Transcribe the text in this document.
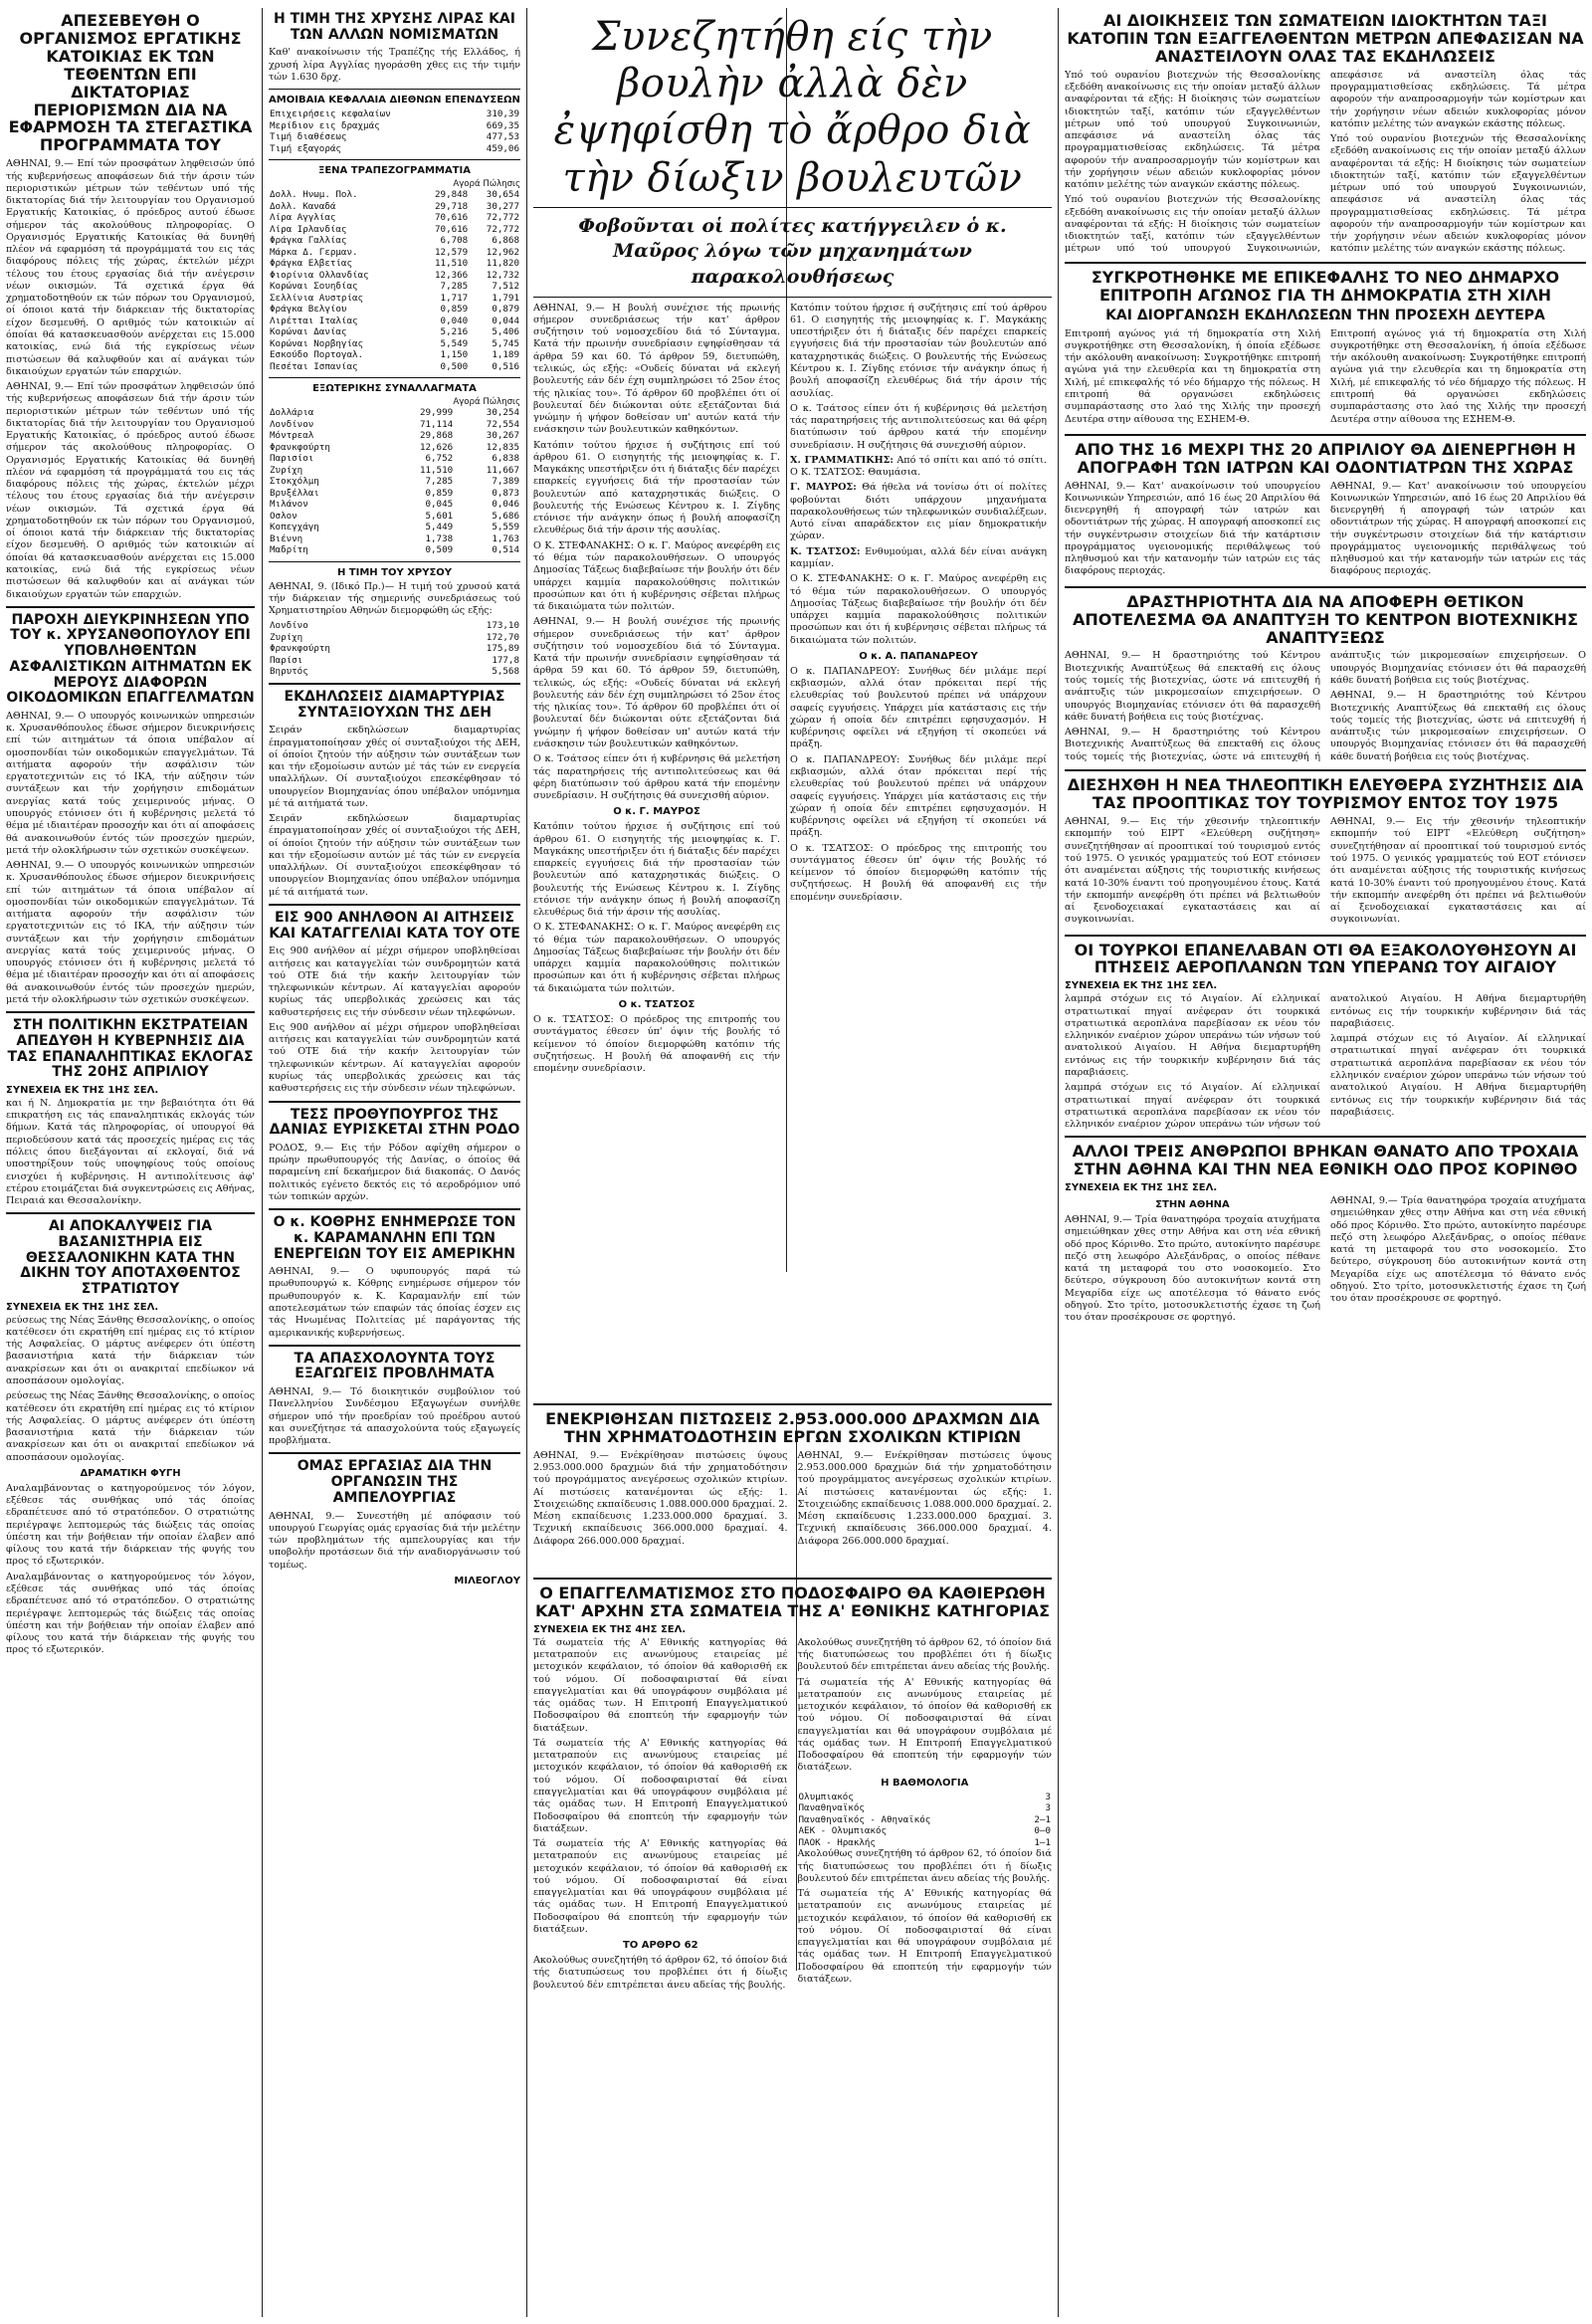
ΑΠΕΣΕΒΕΥΘΗ Ο ΟΡΓΑΝΙΣΜΟΣ ΕΡΓΑΤΙΚΗΣ ΚΑΤΟΙΚΙΑΣ ΕΚ ΤΩΝ ΤΕΘΕΝΤΩΝ ΕΠΙ ΔΙΚΤΑΤΟΡΙΑΣ ΠΕΡΙΟΡΙΣΜΩΝ ΔΙΑ ΝΑ ΕΦΑΡΜΟΣΗ ΤΑ ΣΤΕΓΑΣΤΙΚΑ ΠΡΟΓΡΑΜΜΑΤΑ ΤΟΥ

ΑΘΗΝΑΙ, 9.— Επί τών προσφάτων ληφθεισών ύπό τής κυβερνήσεως αποφάσεων διά τήν άρσιν τών περιοριστικών μέτρων τών τεθέντων υπό τής δικτατορίας διά τήν λειτουργίαν του Οργανισμού Εργατικής Κατοικίας, ό πρόεδρος αυτού έδωσε σήμερον τάς ακολούθους πληροφορίας. Ο Οργανισμός Εργατικής Κατοικίας θά δυνηθή πλέον νά εφαρμόση τά προγράμματά του εις τάς διαφόρους πόλεις τής χώρας, έκτελών μέχρι τέλους του έτους εργασίας διά τήν ανέγερσιν νέων οικισμών. Τά σχετικά έργα θά χρηματοδοτηθούν εκ τών πόρων του Οργανισμού, οί όποιοι κατά τήν διάρκειαν τής δικτατορίας είχον δεσμευθή. Ο αριθμός τών κατοικιών αί όποίαι θά κατασκευασθούν ανέρχεται εις 15.000 κατοικίας, ενώ διά τής εγκρίσεως νέων πιστώσεων θά καλυφθούν και αί ανάγκαι τών δικαιούχων εργατών τών επαρχιών.

ΑΘΗΝΑΙ, 9.— Επί τών προσφάτων ληφθεισών ύπό τής κυβερνήσεως αποφάσεων διά τήν άρσιν τών περιοριστικών μέτρων τών τεθέντων υπό τής δικτατορίας διά τήν λειτουργίαν του Οργανισμού Εργατικής Κατοικίας, ό πρόεδρος αυτού έδωσε σήμερον τάς ακολούθους πληροφορίας. Ο Οργανισμός Εργατικής Κατοικίας θά δυνηθή πλέον νά εφαρμόση τά προγράμματά του εις τάς διαφόρους πόλεις τής χώρας, έκτελών μέχρι τέλους του έτους εργασίας διά τήν ανέγερσιν νέων οικισμών. Τά σχετικά έργα θά χρηματοδοτηθούν εκ τών πόρων του Οργανισμού, οί όποιοι κατά τήν διάρκειαν τής δικτατορίας είχον δεσμευθή. Ο αριθμός τών κατοικιών αί όποίαι θά κατασκευασθούν ανέρχεται εις 15.000 κατοικίας, ενώ διά τής εγκρίσεως νέων πιστώσεων θά καλυφθούν και αί ανάγκαι τών δικαιούχων εργατών τών επαρχιών.

ΠΑΡΟΧΗ ΔΙΕΥΚΡΙΝΗΣΕΩΝ ΥΠΟ ΤΟΥ κ. ΧΡΥΣΑΝΘΟΠΟΥΛΟΥ ΕΠΙ ΥΠΟΒΛΗΘΕΝΤΩΝ ΑΣΦΑΛΙΣΤΙΚΩΝ ΑΙΤΗΜΑΤΩΝ ΕΚ ΜΕΡΟΥΣ ΔΙΑΦΟΡΩΝ ΟΙΚΟΔΟΜΙΚΩΝ ΕΠΑΓΓΕΛΜΑΤΩΝ

ΑΘΗΝΑΙ, 9.— Ο υπουργός κοινωνικών υπηρεσιών κ. Χρυσανθόπουλος έδωσε σήμερον διευκρινήσεις επί τών αιτημάτων τά όποια υπέβαλον αί ομοσπονδίαι τών οικοδομικών επαγγελμάτων. Τά αιτήματα αφορούν τήν ασφάλισιν τών εργατοτεχνιτών εις τό ΙΚΑ, τήν αύξησιν τών συντάξεων και τήν χορήγησιν επιδομάτων ανεργίας κατά τούς χειμερινούς μήνας. Ο υπουργός ετόνισεν ότι ή κυβέρνησις μελετά τό θέμα μέ ιδιαιτέραν προσοχήν και ότι αί αποφάσεις θά ανακοινωθούν έντός τών προσεχών ημερών, μετά τήν ολοκλήρωσιν τών σχετικών συσκέψεων.

ΑΘΗΝΑΙ, 9.— Ο υπουργός κοινωνικών υπηρεσιών κ. Χρυσανθόπουλος έδωσε σήμερον διευκρινήσεις επί τών αιτημάτων τά όποια υπέβαλον αί ομοσπονδίαι τών οικοδομικών επαγγελμάτων. Τά αιτήματα αφορούν τήν ασφάλισιν τών εργατοτεχνιτών εις τό ΙΚΑ, τήν αύξησιν τών συντάξεων και τήν χορήγησιν επιδομάτων ανεργίας κατά τούς χειμερινούς μήνας. Ο υπουργός ετόνισεν ότι ή κυβέρνησις μελετά τό θέμα μέ ιδιαιτέραν προσοχήν και ότι αί αποφάσεις θά ανακοινωθούν έντός τών προσεχών ημερών, μετά τήν ολοκλήρωσιν τών σχετικών συσκέψεων.

ΣΤΗ ΠΟΛΙΤΙΚΗΝ ΕΚΣΤΡΑΤΕΙΑΝ ΑΠΕΔΥΘΗ Η ΚΥΒΕΡΝΗΣΙΣ ΔΙΑ ΤΑΣ ΕΠΑΝΑΛΗΠΤΙΚΑΣ ΕΚΛΟΓΑΣ ΤΗΣ 20ΗΣ ΑΠΡΙΛΙΟΥ
ΣΥΝΕΧΕΙΑ ΕΚ ΤΗΣ 1ΗΣ ΣΕΛ.

και ή Ν. Δημοκρατία με την βεβαιότητα ότι θά επικρατήση εις τάς επαναληπτικάς εκλογάς τών δήμων. Κατά τάς πληροφορίας, οί υπουργοί θά περιοδεύσουν κατά τάς προσεχείς ημέρας εις τάς πόλεις όπου διεξάγονται αί εκλογαί, διά νά υποστηρίξουν τούς υποψηφίους τούς οποίους ενισχύει ή κυβέρνησις. Η αντιπολίτευσις άφ' ετέρου ετοιμάζεται διά συγκεντρώσεις εις Αθήνας, Πειραιά και Θεσσαλονίκην.

ΑΙ ΑΠΟΚΑΛΥΨΕΙΣ ΓΙΑ ΒΑΣΑΝΙΣΤΗΡΙΑ ΕΙΣ ΘΕΣΣΑΛΟΝΙΚΗΝ ΚΑΤΑ ΤΗΝ ΔΙΚΗΝ ΤΟΥ ΑΠΟΤΑΧΘΕΝΤΟΣ ΣΤΡΑΤΙΩΤΟΥ
ΣΥΝΕΧΕΙΑ ΕΚ ΤΗΣ 1ΗΣ ΣΕΛ.

ρεύσεως της Νέας Ξάνθης Θεσσαλονίκης, ο οποίος κατέθεσεν ότι εκρατήθη επί ημέρας εις τό κτίριον τής Ασφαλείας. Ο μάρτυς ανέφερεν ότι ύπέστη βασανιστήρια κατά τήν διάρκειαν τών ανακρίσεων και ότι οι ανακριταί επεδίωκον νά αποσπάσουν ομολογίας.

ρεύσεως της Νέας Ξάνθης Θεσσαλονίκης, ο οποίος κατέθεσεν ότι εκρατήθη επί ημέρας εις τό κτίριον τής Ασφαλείας. Ο μάρτυς ανέφερεν ότι ύπέστη βασανιστήρια κατά τήν διάρκειαν τών ανακρίσεων και ότι οι ανακριταί επεδίωκον νά αποσπάσουν ομολογίας.

ΔΡΑΜΑΤΙΚΗ ΦΥΓΗ

Αναλαμβάνοντας ο κατηγορούμενος τόν λόγον, εξέθεσε τάς συνθήκας υπό τάς όποίας εδραπέτευσε από τό στρατόπεδον. Ο στρατιώτης περιέγραψε λεπτομερώς τάς διώξεις τάς οποίας ύπέστη και τήν βοήθειαν τήν οποίαν έλαβεν από φίλους του κατά τήν διάρκειαν τής φυγής του προς τό εξωτερικόν.

Αναλαμβάνοντας ο κατηγορούμενος τόν λόγον, εξέθεσε τάς συνθήκας υπό τάς όποίας εδραπέτευσε από τό στρατόπεδον. Ο στρατιώτης περιέγραψε λεπτομερώς τάς διώξεις τάς οποίας ύπέστη και τήν βοήθειαν τήν οποίαν έλαβεν από φίλους του κατά τήν διάρκειαν τής φυγής του προς τό εξωτερικόν.

Η ΤΙΜΗ ΤΗΣ ΧΡΥΣΗΣ ΛΙΡΑΣ ΚΑΙ ΤΩΝ ΑΛΛΩΝ ΝΟΜΙΣΜΑΤΩΝ

Καθ' ανακοίνωσιν τής Τραπέζης τής Ελλάδος, ή χρυσή λίρα Αγγλίας ηγοράσθη χθες εις τήν τιμήν τών 1.630 δρχ.

ΑΜΟΙΒΑΙΑ ΚΕΦΑΛΑΙΑ ΔΙΕΘΝΩΝ ΕΠΕΝΔΥΣΕΩΝ
Επιχειρήσεις κεφαλαίων	310,39
Μερίδιον εις δραχμάς	669,35
Τιμή διαθέσεως	477,53
Τιμή εξαγοράς	459,06
ΞΕΝΑ ΤΡΑΠΕΖΟΓΡΑΜΜΑΤΙΑ
Αγορά Πώλησις
Δολλ. Ηνωμ. Πολ.	29,848	30,654
Δολλ. Καναδά	29,718	30,277
Λίρα Αγγλίας	70,616	72,772
Λίρα Ιρλανδίας	70,616	72,772
Φράγκα Γαλλίας	6,708	6,868
Μάρκα Δ. Γερμαν.	12,579	12,962
Φράγκα Ελβετίας	11,510	11,820
Φιορίνια Ολλανδίας	12,366	12,732
Κορώναι Σουηδίας	7,285	7,512
Σελλίνια Αυστρίας	1,717	1,791
Φράγκα Βελγίου	0,859	0,879
Λιρέτται Ιταλίας	0,040	0,044
Κορώναι Δανίας	5,216	5,406
Κορώναι Νορβηγίας	5,549	5,745
Εσκούδο Πορτογαλ.	1,150	1,189
Πεσέται Ισπανίας	0,500	0,516
ΕΞΩΤΕΡΙΚΗΣ ΣΥΝΑΛΛΑΓΜΑΤΑ
Αγορά Πώλησις
Δολλάρια	29,999	30,254
Λονδίνον	71,114	72,554
Μόντρεαλ	29,868	30,267
Φρανκφούρτη	12,626	12,835
Παρισίοι	6,752	6,838
Ζυρίχη	11,510	11,667
Στοκχόλμη	7,285	7,389
Βρυξέλλαι	0,859	0,873
Μιλάνον	0,045	0,046
Οσλον	5,601	5,686
Κοπεγχάγη	5,449	5,559
Βιέννη	1,738	1,763
Μαδρίτη	0,509	0,514
Η ΤΙΜΗ ΤΟΥ ΧΡΥΣΟΥ

ΑΘΗΝΑΙ, 9. (Ιδικό Πρ.)— Η τιμή τού χρυσού κατά τήν διάρκειαν τής σημερινής συνεδριάσεως τού Χρηματιστηρίου Αθηνών διεμορφώθη ώς εξής:

Λονδίνο	173,10
Ζυρίχη	172,70
Φρανκφούρτη	175,89
Παρίσι	177,8
Βηρυτός	5,568
ΕΚΔΗΛΩΣΕΙΣ ΔΙΑΜΑΡΤΥΡΙΑΣ ΣΥΝΤΑΞΙΟΥΧΩΝ ΤΗΣ ΔΕΗ

Σειράν εκδηλώσεων διαμαρτυρίας έπραγματοποίησαν χθές οί συνταξιούχοι τής ΔΕΗ, οί όποίοι ζητούν τήν αύξησιν τών συντάξεων των και τήν εξομοίωσιν αυτών μέ τάς τών εν ενεργεία υπαλλήλων. Οί συνταξιούχοι επεσκέφθησαν τό υπουργείον Βιομηχανίας όπου υπέβαλον υπόμνημα μέ τά αιτήματά των.

Σειράν εκδηλώσεων διαμαρτυρίας έπραγματοποίησαν χθές οί συνταξιούχοι τής ΔΕΗ, οί όποίοι ζητούν τήν αύξησιν τών συντάξεων των και τήν εξομοίωσιν αυτών μέ τάς τών εν ενεργεία υπαλλήλων. Οί συνταξιούχοι επεσκέφθησαν τό υπουργείον Βιομηχανίας όπου υπέβαλον υπόμνημα μέ τά αιτήματά των.

ΕΙΣ 900 ΑΝΗΛΘΟΝ ΑΙ ΑΙΤΗΣΕΙΣ ΚΑΙ ΚΑΤΑΓΓΕΛΙΑΙ ΚΑΤΑ ΤΟΥ ΟΤΕ

Εις 900 ανήλθον αί μέχρι σήμερον υποβληθείσαι αιτήσεις και καταγγελίαι τών συνδρομητών κατά τού ΟΤΕ διά τήν κακήν λειτουργίαν τών τηλεφωνικών κέντρων. Αί καταγγελίαι αφορούν κυρίως τάς υπερβολικάς χρεώσεις και τάς καθυστερήσεις εις τήν σύνδεσιν νέων τηλεφώνων.

Εις 900 ανήλθον αί μέχρι σήμερον υποβληθείσαι αιτήσεις και καταγγελίαι τών συνδρομητών κατά τού ΟΤΕ διά τήν κακήν λειτουργίαν τών τηλεφωνικών κέντρων. Αί καταγγελίαι αφορούν κυρίως τάς υπερβολικάς χρεώσεις και τάς καθυστερήσεις εις τήν σύνδεσιν νέων τηλεφώνων.

ΤΕΣΣ ΠΡΟΘΥΠΟΥΡΓΟΣ ΤΗΣ ΔΑΝΙΑΣ ΕΥΡΙΣΚΕΤΑΙ ΣΤΗΝ ΡΟΔΟ

ΡΟΔΟΣ, 9.— Εις τήν Ρόδον αφίχθη σήμερον ο πρώην πρωθυπουργός τής Δανίας, ο όποίος θά παραμείνη επί δεκαήμερον διά διακοπάς. Ο Δανός πολιτικός εγένετο δεκτός εις τό αεροδρόμιον υπό τών τοπικών αρχών.

Ο κ. ΚΟΘΡΗΣ ΕΝΗΜΕΡΩΣΕ ΤΟΝ κ. ΚΑΡΑΜΑΝΛΗΝ ΕΠΙ ΤΩΝ ΕΝΕΡΓΕΙΩΝ ΤΟΥ ΕΙΣ ΑΜΕΡΙΚΗΝ

ΑΘΗΝΑΙ, 9.— Ο υφυπουργός παρά τώ πρωθυπουργώ κ. Κόθρης ενημέρωσε σήμερον τόν πρωθυπουργόν κ. Κ. Καραμανλήν επί τών αποτελεσμάτων τών επαφών τάς όποίας έσχεν εις τάς Ηνωμένας Πολιτείας μέ παράγοντας τής αμερικανικής κυβερνήσεως.

ΤΑ ΑΠΑΣΧΟΛΟΥΝΤΑ ΤΟΥΣ ΕΞΑΓΩΓΕΙΣ ΠΡΟΒΛΗΜΑΤΑ

ΑΘΗΝΑΙ, 9.— Τό διοικητικόν συμβούλιον τού Πανελληνίου Συνδέσμου Εξαγωγέων συνήλθε σήμερον υπό τήν προεδρίαν τού προέδρου αυτού και συνεζήτησε τά απασχολούντα τούς εξαγωγείς προβλήματα.

ΟΜΑΣ ΕΡΓΑΣΙΑΣ ΔΙΑ ΤΗΝ ΟΡΓΑΝΩΣΙΝ ΤΗΣ ΑΜΠΕΛΟΥΡΓΙΑΣ

ΑΘΗΝΑΙ, 9.— Συνεστήθη μέ απόφασιν τού υπουργού Γεωργίας ομάς εργασίας διά τήν μελέτην τών προβλημάτων τής αμπελουργίας και τήν υποβολήν προτάσεων διά τήν αναδιοργάνωσιν τού τομέως.

ΜΙΛΕΟΓΛΟΥ
Συνεζητήθη είς τὴν βουλὴν ἀλλὰ δὲν ἐψηφίσθη τὸ ἄρθρο διὰ τὴν δίωξιν βουλευτῶν
Φοβοῦνται οἱ πολίτες κατήγγειλεν ὁ κ. Μαῦρος λόγω τῶν μηχανημάτων παρακολουθήσεως

ΑΘΗΝΑΙ, 9.— Η βουλή συνέχισε τής πρωινής σήμερον συνεδριάσεως τήν κατ' άρθρον συζήτησιν τού νομοσχεδίου διά τό Σύνταγμα. Κατά τήν πρωινήν συνεδρίασιν εψηφίσθησαν τά άρθρα 59 και 60. Τό άρθρον 59, διετυπώθη, τελικώς, ώς εξής: «Ουδείς δύναται νά εκλεγή βουλευτής εάν δέν έχη συμπληρώσει τό 25ον έτος τής ηλικίας του». Τό άρθρον 60 προβλέπει ότι οί βουλευταί δέν διώκονται ούτε εξετάζονται διά γνώμην ή ψήφον δοθείσαν υπ' αυτών κατά τήν ενάσκησιν τών βουλευτικών καθηκόντων.

Κατόπιν τούτου ήρχισε ή συζήτησις επί τού άρθρου 61. Ο εισηγητής τής μειοψηφίας κ. Γ. Μαγκάκης υπεστήριξεν ότι ή διάταξις δέν παρέχει επαρκείς εγγυήσεις διά τήν προστασίαν τών βουλευτών από καταχρηστικάς διώξεις. Ο βουλευτής τής Ενώσεως Κέντρου κ. Ι. Ζίγδης ετόνισε τήν ανάγκην όπως ή βουλή αποφασίζη ελευθέρως διά τήν άρσιν τής ασυλίας.

Ο Κ. ΣΤΕΦΑΝΑΚΗΣ: Ο κ. Γ. Μαύρος ανεφέρθη εις τό θέμα τών παρακολουθήσεων. Ο υπουργός Δημοσίας Τάξεως διαβεβαίωσε τήν βουλήν ότι δέν υπάρχει καμμία παρακολούθησις πολιτικών προσώπων και ότι ή κυβέρνησις σέβεται πλήρως τά δικαιώματα τών πολιτών.

ΑΘΗΝΑΙ, 9.— Η βουλή συνέχισε τής πρωινής σήμερον συνεδριάσεως τήν κατ' άρθρον συζήτησιν τού νομοσχεδίου διά τό Σύνταγμα. Κατά τήν πρωινήν συνεδρίασιν εψηφίσθησαν τά άρθρα 59 και 60. Τό άρθρον 59, διετυπώθη, τελικώς, ώς εξής: «Ουδείς δύναται νά εκλεγή βουλευτής εάν δέν έχη συμπληρώσει τό 25ον έτος τής ηλικίας του». Τό άρθρον 60 προβλέπει ότι οί βουλευταί δέν διώκονται ούτε εξετάζονται διά γνώμην ή ψήφον δοθείσαν υπ' αυτών κατά τήν ενάσκησιν τών βουλευτικών καθηκόντων.

Ο κ. Τσάτσος είπεν ότι ή κυβέρνησις θά μελετήση τάς παρατηρήσεις τής αντιπολιτεύσεως και θά φέρη διατύπωσιν τού άρθρου κατά τήν επομένην συνεδρίασιν. Η συζήτησις θά συνεχισθή αύριον.

Ο κ. Γ. ΜΑΥΡΟΣ

Κατόπιν τούτου ήρχισε ή συζήτησις επί τού άρθρου 61. Ο εισηγητής τής μειοψηφίας κ. Γ. Μαγκάκης υπεστήριξεν ότι ή διάταξις δέν παρέχει επαρκείς εγγυήσεις διά τήν προστασίαν τών βουλευτών από καταχρηστικάς διώξεις. Ο βουλευτής τής Ενώσεως Κέντρου κ. Ι. Ζίγδης ετόνισε τήν ανάγκην όπως ή βουλή αποφασίζη ελευθέρως διά τήν άρσιν τής ασυλίας.

Ο Κ. ΣΤΕΦΑΝΑΚΗΣ: Ο κ. Γ. Μαύρος ανεφέρθη εις τό θέμα τών παρακολουθήσεων. Ο υπουργός Δημοσίας Τάξεως διαβεβαίωσε τήν βουλήν ότι δέν υπάρχει καμμία παρακολούθησις πολιτικών προσώπων και ότι ή κυβέρνησις σέβεται πλήρως τά δικαιώματα τών πολιτών.

Ο κ. ΤΣΑΤΣΟΣ

Ο κ. ΤΣΑΤΣΟΣ: Ο πρόεδρος της επιτροπής του συντάγματος έθεσεν ύπ' όψιν τής βουλής τό κείμενον τό όποίον διεμορφώθη κατόπιν τής συζητήσεως. Η βουλή θά αποφανθή εις τήν επομένην συνεδρίασιν.

Κατόπιν τούτου ήρχισε ή συζήτησις επί τού άρθρου 61. Ο εισηγητής τής μειοψηφίας κ. Γ. Μαγκάκης υπεστήριξεν ότι ή διάταξις δέν παρέχει επαρκείς εγγυήσεις διά τήν προστασίαν τών βουλευτών από καταχρηστικάς διώξεις. Ο βουλευτής τής Ενώσεως Κέντρου κ. Ι. Ζίγδης ετόνισε τήν ανάγκην όπως ή βουλή αποφασίζη ελευθέρως διά τήν άρσιν τής ασυλίας.

Ο κ. Τσάτσος είπεν ότι ή κυβέρνησις θά μελετήση τάς παρατηρήσεις τής αντιπολιτεύσεως και θά φέρη διατύπωσιν τού άρθρου κατά τήν επομένην συνεδρίασιν. Η συζήτησις θά συνεχισθή αύριον.

Χ. ΓΡΑΜΜΑΤΙΚΗΣ: Από τό σπίτι και από τό σπίτι. Ο Κ. ΤΣΑΤΣΟΣ: Θαυμάσια.

Γ. ΜΑΥΡΟΣ: Θά ήθελα νά τονίσω ότι οί πολίτες φοβούνται διότι υπάρχουν μηχανήματα παρακολουθήσεως τών τηλεφωνικών συνδιαλέξεων. Αυτό είναι απαράδεκτον εις μίαν δημοκρατικήν χώραν.

Κ. ΤΣΑΤΣΟΣ: Ενθυμούμαι, αλλά δέν είναι ανάγκη καμμίαν.

Ο Κ. ΣΤΕΦΑΝΑΚΗΣ: Ο κ. Γ. Μαύρος ανεφέρθη εις τό θέμα τών παρακολουθήσεων. Ο υπουργός Δημοσίας Τάξεως διαβεβαίωσε τήν βουλήν ότι δέν υπάρχει καμμία παρακολούθησις πολιτικών προσώπων και ότι ή κυβέρνησις σέβεται πλήρως τά δικαιώματα τών πολιτών.

Ο κ. Α. ΠΑΠΑΝΔΡΕΟΥ

Ο κ. ΠΑΠΑΝΔΡΕΟΥ: Συνήθως δέν μιλάμε περί εκβιασμών, αλλά όταν πρόκειται περί τής ελευθερίας τού βουλευτού πρέπει νά υπάρχουν σαφείς εγγυήσεις. Υπάρχει μία κατάστασις εις τήν χώραν ή οποία δέν επιτρέπει εφησυχασμόν. Η κυβέρνησις οφείλει νά εξηγήση τί σκοπεύει νά πράξη.

Ο κ. ΠΑΠΑΝΔΡΕΟΥ: Συνήθως δέν μιλάμε περί εκβιασμών, αλλά όταν πρόκειται περί τής ελευθερίας τού βουλευτού πρέπει νά υπάρχουν σαφείς εγγυήσεις. Υπάρχει μία κατάστασις εις τήν χώραν ή οποία δέν επιτρέπει εφησυχασμόν. Η κυβέρνησις οφείλει νά εξηγήση τί σκοπεύει νά πράξη.

Ο κ. ΤΣΑΤΣΟΣ: Ο πρόεδρος της επιτροπής του συντάγματος έθεσεν ύπ' όψιν τής βουλής τό κείμενον τό όποίον διεμορφώθη κατόπιν τής συζητήσεως. Η βουλή θά αποφανθή εις τήν επομένην συνεδρίασιν.

ΕΝΕΚΡΙΘΗΣΑΝ ΠΙΣΤΩΣΕΙΣ 2.953.000.000 ΔΡΑΧΜΩΝ ΔΙΑ ΤΗΝ ΧΡΗΜΑΤΟΔΟΤΗΣΙΝ ΕΡΓΩΝ ΣΧΟΛΙΚΩΝ ΚΤΙΡΙΩΝ

ΑΘΗΝΑΙ, 9.— Ενέκρίθησαν πιστώσεις ύψους 2.953.000.000 δραχμών διά τήν χρηματοδότησιν τού προγράμματος ανεγέρσεως σχολικών κτιρίων. Αί πιστώσεις κατανέμονται ώς εξής: 1. Στοιχειώδης εκπαίδευσις 1.088.000.000 δραχμαί. 2. Μέση εκπαίδευσις 1.233.000.000 δραχμαί. 3. Τεχνική εκπαίδευσις 366.000.000 δραχμαί. 4. Διάφορα 266.000.000 δραχμαί.

ΑΘΗΝΑΙ, 9.— Ενέκρίθησαν πιστώσεις ύψους 2.953.000.000 δραχμών διά τήν χρηματοδότησιν τού προγράμματος ανεγέρσεως σχολικών κτιρίων. Αί πιστώσεις κατανέμονται ώς εξής: 1. Στοιχειώδης εκπαίδευσις 1.088.000.000 δραχμαί. 2. Μέση εκπαίδευσις 1.233.000.000 δραχμαί. 3. Τεχνική εκπαίδευσις 366.000.000 δραχμαί. 4. Διάφορα 266.000.000 δραχμαί.

Ο ΕΠΑΓΓΕΛΜΑΤΙΣΜΟΣ ΣΤΟ ΠΟΔΟΣΦΑΙΡΟ ΘΑ ΚΑΘΙΕΡΩΘΗ ΚΑΤ' ΑΡΧΗΝ ΣΤΑ ΣΩΜΑΤΕΙΑ ΤΗΣ Α' ΕΘΝΙΚΗΣ ΚΑΤΗΓΟΡΙΑΣ
ΣΥΝΕΧΕΙΑ ΕΚ ΤΗΣ 4ΗΣ ΣΕΛ.

Τά σωματεία τής Α' Εθνικής κατηγορίας θά μετατραπούν εις ανωνύμους εταιρείας μέ μετοχικόν κεφάλαιον, τό όποίον θά καθορισθή εκ τού νόμου. Οί ποδοσφαιρισταί θά είναι επαγγελματίαι και θά υπογράφουν συμβόλαια μέ τάς ομάδας των. Η Επιτροπή Επαγγελματικού Ποδοσφαίρου θά εποπτεύη τήν εφαρμογήν τών διατάξεων.

Τά σωματεία τής Α' Εθνικής κατηγορίας θά μετατραπούν εις ανωνύμους εταιρείας μέ μετοχικόν κεφάλαιον, τό όποίον θά καθορισθή εκ τού νόμου. Οί ποδοσφαιρισταί θά είναι επαγγελματίαι και θά υπογράφουν συμβόλαια μέ τάς ομάδας των. Η Επιτροπή Επαγγελματικού Ποδοσφαίρου θά εποπτεύη τήν εφαρμογήν τών διατάξεων.

Τά σωματεία τής Α' Εθνικής κατηγορίας θά μετατραπούν εις ανωνύμους εταιρείας μέ μετοχικόν κεφάλαιον, τό όποίον θά καθορισθή εκ τού νόμου. Οί ποδοσφαιρισταί θά είναι επαγγελματίαι και θά υπογράφουν συμβόλαια μέ τάς ομάδας των. Η Επιτροπή Επαγγελματικού Ποδοσφαίρου θά εποπτεύη τήν εφαρμογήν τών διατάξεων.

ΤΟ ΑΡΘΡΟ 62

Ακολούθως συνεζητήθη τό άρθρον 62, τό όποίον διά τής διατυπώσεως του προβλέπει ότι ή δίωξις βουλευτού δέν επιτρέπεται άνευ αδείας τής βουλής.

Ακολούθως συνεζητήθη τό άρθρον 62, τό όποίον διά τής διατυπώσεως του προβλέπει ότι ή δίωξις βουλευτού δέν επιτρέπεται άνευ αδείας τής βουλής.

Τά σωματεία τής Α' Εθνικής κατηγορίας θά μετατραπούν εις ανωνύμους εταιρείας μέ μετοχικόν κεφάλαιον, τό όποίον θά καθορισθή εκ τού νόμου. Οί ποδοσφαιρισταί θά είναι επαγγελματίαι και θά υπογράφουν συμβόλαια μέ τάς ομάδας των. Η Επιτροπή Επαγγελματικού Ποδοσφαίρου θά εποπτεύη τήν εφαρμογήν τών διατάξεων.

Η ΒΑΘΜΟΛΟΓΙΑ
Ολυμπιακός	3
Παναθηναϊκός	3
Παναθηναϊκός - Αθηναϊκός	2—1
ΑΕΚ - Ολυμπιακός	0—0
ΠΑΟΚ - Ηρακλής	1—1

Ακολούθως συνεζητήθη τό άρθρον 62, τό όποίον διά τής διατυπώσεως του προβλέπει ότι ή δίωξις βουλευτού δέν επιτρέπεται άνευ αδείας τής βουλής.

Τά σωματεία τής Α' Εθνικής κατηγορίας θά μετατραπούν εις ανωνύμους εταιρείας μέ μετοχικόν κεφάλαιον, τό όποίον θά καθορισθή εκ τού νόμου. Οί ποδοσφαιρισταί θά είναι επαγγελματίαι και θά υπογράφουν συμβόλαια μέ τάς ομάδας των. Η Επιτροπή Επαγγελματικού Ποδοσφαίρου θά εποπτεύη τήν εφαρμογήν τών διατάξεων.

ΑΙ ΔΙΟΙΚΗΣΕΙΣ ΤΩΝ ΣΩΜΑΤΕΙΩΝ ΙΔΙΟΚΤΗΤΩΝ ΤΑΞΙ ΚΑΤΟΠΙΝ ΤΩΝ ΕΞΑΓΓΕΛΘΕΝΤΩΝ ΜΕΤΡΩΝ ΑΠΕΦΑΣΙΣΑΝ ΝΑ ΑΝΑΣΤΕΙΛΟΥΝ ΟΛΑΣ ΤΑΣ ΕΚΔΗΛΩΣΕΙΣ

Υπό τού ουρανίου βιοτεχνών τής Θεσσαλονίκης εξεδόθη ανακοίνωσις εις τήν οποίαν μεταξύ άλλων αναφέρονται τά εξής: Η διοίκησις τών σωματείων ιδιοκτητών ταξί, κατόπιν τών εξαγγελθέντων μέτρων υπό τού υπουργού Συγκοινωνιών, απεφάσισε νά αναστείλη όλας τάς προγραμματισθείσας εκδηλώσεις. Τά μέτρα αφορούν τήν αναπροσαρμογήν τών κομίστρων και τήν χορήγησιν νέων αδειών κυκλοφορίας μόνον κατόπιν μελέτης τών αναγκών εκάστης πόλεως.

Υπό τού ουρανίου βιοτεχνών τής Θεσσαλονίκης εξεδόθη ανακοίνωσις εις τήν οποίαν μεταξύ άλλων αναφέρονται τά εξής: Η διοίκησις τών σωματείων ιδιοκτητών ταξί, κατόπιν τών εξαγγελθέντων μέτρων υπό τού υπουργού Συγκοινωνιών, απεφάσισε νά αναστείλη όλας τάς προγραμματισθείσας εκδηλώσεις. Τά μέτρα αφορούν τήν αναπροσαρμογήν τών κομίστρων και τήν χορήγησιν νέων αδειών κυκλοφορίας μόνον κατόπιν μελέτης τών αναγκών εκάστης πόλεως.

Υπό τού ουρανίου βιοτεχνών τής Θεσσαλονίκης εξεδόθη ανακοίνωσις εις τήν οποίαν μεταξύ άλλων αναφέρονται τά εξής: Η διοίκησις τών σωματείων ιδιοκτητών ταξί, κατόπιν τών εξαγγελθέντων μέτρων υπό τού υπουργού Συγκοινωνιών, απεφάσισε νά αναστείλη όλας τάς προγραμματισθείσας εκδηλώσεις. Τά μέτρα αφορούν τήν αναπροσαρμογήν τών κομίστρων και τήν χορήγησιν νέων αδειών κυκλοφορίας μόνον κατόπιν μελέτης τών αναγκών εκάστης πόλεως.

ΣΥΓΚΡΟΤΗΘΗΚΕ ΜΕ ΕΠΙΚΕΦΑΛΗΣ ΤΟ ΝΕΟ ΔΗΜΑΡΧΟ ΕΠΙΤΡΟΠΗ ΑΓΩΝΟΣ ΓΙΑ ΤΗ ΔΗΜΟΚΡΑΤΙΑ ΣΤΗ ΧΙΛΗ
ΚΑΙ ΔΙΟΡΓΑΝΩΣΗ ΕΚΔΗΛΩΣΕΩΝ ΤΗΝ ΠΡΟΣΕΧΗ ΔΕΥΤΕΡΑ

Επιτροπή αγώνος γιά τή δημοκρατία στη Χιλή συγκροτήθηκε στη Θεσσαλονίκη, ή όποία εξέδωσε τήν ακόλουθη ανακοίνωση: Συγκροτήθηκε επιτροπή αγώνα γιά την ελευθερία και τη δημοκρατία στη Χιλή, μέ επικεφαλής τό νέο δήμαρχο τής πόλεως. Η επιτροπή θά οργανώσει εκδηλώσεις συμπαράστασης στο λαό της Χιλής την προσεχή Δευτέρα στην αίθουσα της ΕΣΗΕΜ-Θ.

Επιτροπή αγώνος γιά τή δημοκρατία στη Χιλή συγκροτήθηκε στη Θεσσαλονίκη, ή όποία εξέδωσε τήν ακόλουθη ανακοίνωση: Συγκροτήθηκε επιτροπή αγώνα γιά την ελευθερία και τη δημοκρατία στη Χιλή, μέ επικεφαλής τό νέο δήμαρχο τής πόλεως. Η επιτροπή θά οργανώσει εκδηλώσεις συμπαράστασης στο λαό της Χιλής την προσεχή Δευτέρα στην αίθουσα της ΕΣΗΕΜ-Θ.

ΑΠΟ ΤΗΣ 16 ΜΕΧΡΙ ΤΗΣ 20 ΑΠΡΙΛΙΟΥ ΘΑ ΔΙΕΝΕΡΓΗΘΗ Η ΑΠΟΓΡΑΦΗ ΤΩΝ ΙΑΤΡΩΝ ΚΑΙ ΟΔΟΝΤΙΑΤΡΩΝ ΤΗΣ ΧΩΡΑΣ

ΑΘΗΝΑΙ, 9.— Κατ' ανακοίνωσιν τού υπουργείου Κοινωνικών Υπηρεσιών, από 16 έως 20 Απριλίου θά διενεργηθή ή απογραφή τών ιατρών και οδοντιάτρων τής χώρας. Η απογραφή αποσκοπεί εις τήν συγκέντρωσιν στοιχείων διά τήν κατάρτισιν προγράμματος υγειονομικής περιθάλψεως τού πληθυσμού και τήν κατανομήν τών ιατρών εις τάς διαφόρους περιοχάς.

ΑΘΗΝΑΙ, 9.— Κατ' ανακοίνωσιν τού υπουργείου Κοινωνικών Υπηρεσιών, από 16 έως 20 Απριλίου θά διενεργηθή ή απογραφή τών ιατρών και οδοντιάτρων τής χώρας. Η απογραφή αποσκοπεί εις τήν συγκέντρωσιν στοιχείων διά τήν κατάρτισιν προγράμματος υγειονομικής περιθάλψεως τού πληθυσμού και τήν κατανομήν τών ιατρών εις τάς διαφόρους περιοχάς.

ΔΡΑΣΤΗΡΙΟΤΗΤΑ ΔΙΑ ΝΑ ΑΠΟΦΕΡΗ ΘΕΤΙΚΟΝ ΑΠΟΤΕΛΕΣΜΑ ΘΑ ΑΝΑΠΤΥΞΗ ΤΟ ΚΕΝΤΡΟΝ ΒΙΟΤΕΧΝΙΚΗΣ ΑΝΑΠΤΥΞΕΩΣ

ΑΘΗΝΑΙ, 9.— Η δραστηριότης τού Κέντρου Βιοτεχνικής Αναπτύξεως θά επεκταθή εις όλους τούς τομείς τής βιοτεχνίας, ώστε νά επιτευχθή ή ανάπτυξις τών μικρομεσαίων επιχειρήσεων. Ο υπουργός Βιομηχανίας ετόνισεν ότι θά παρασχεθή κάθε δυνατή βοήθεια εις τούς βιοτέχνας.

ΑΘΗΝΑΙ, 9.— Η δραστηριότης τού Κέντρου Βιοτεχνικής Αναπτύξεως θά επεκταθή εις όλους τούς τομείς τής βιοτεχνίας, ώστε νά επιτευχθή ή ανάπτυξις τών μικρομεσαίων επιχειρήσεων. Ο υπουργός Βιομηχανίας ετόνισεν ότι θά παρασχεθή κάθε δυνατή βοήθεια εις τούς βιοτέχνας.

ΑΘΗΝΑΙ, 9.— Η δραστηριότης τού Κέντρου Βιοτεχνικής Αναπτύξεως θά επεκταθή εις όλους τούς τομείς τής βιοτεχνίας, ώστε νά επιτευχθή ή ανάπτυξις τών μικρομεσαίων επιχειρήσεων. Ο υπουργός Βιομηχανίας ετόνισεν ότι θά παρασχεθή κάθε δυνατή βοήθεια εις τούς βιοτέχνας.

ΔΙΕΣΗΧΘΗ Η ΝΕΑ ΤΗΛΕΟΠΤΙΚΗ ΕΛΕΥΘΕΡΑ ΣΥΖΗΤΗΣΙΣ ΔΙΑ ΤΑΣ ΠΡΟΟΠΤΙΚΑΣ ΤΟΥ ΤΟΥΡΙΣΜΟΥ ΕΝΤΟΣ ΤΟΥ 1975

ΑΘΗΝΑΙ, 9.— Εις τήν χθεσινήν τηλεοπτικήν εκπομπήν τού ΕΙΡΤ «Ελεύθερη συζήτηση» συνεζητήθησαν αί προοπτικαί τού τουρισμού εντός τού 1975. Ο γενικός γραμματεύς τού ΕΟΤ ετόνισεν ότι αναμένεται αύξησις τής τουριστικής κινήσεως κατά 10-30% έναντι τού προηγουμένου έτους. Κατά τήν εκπομπήν ανεφέρθη ότι πρέπει νά βελτιωθούν αί ξενοδοχειακαί εγκαταστάσεις και αί συγκοινωνίαι.

ΑΘΗΝΑΙ, 9.— Εις τήν χθεσινήν τηλεοπτικήν εκπομπήν τού ΕΙΡΤ «Ελεύθερη συζήτηση» συνεζητήθησαν αί προοπτικαί τού τουρισμού εντός τού 1975. Ο γενικός γραμματεύς τού ΕΟΤ ετόνισεν ότι αναμένεται αύξησις τής τουριστικής κινήσεως κατά 10-30% έναντι τού προηγουμένου έτους. Κατά τήν εκπομπήν ανεφέρθη ότι πρέπει νά βελτιωθούν αί ξενοδοχειακαί εγκαταστάσεις και αί συγκοινωνίαι.

ΟΙ ΤΟΥΡΚΟΙ ΕΠΑΝΕΛΑΒΑΝ ΟΤΙ ΘΑ ΕΞΑΚΟΛΟΥΘΗΣΟΥΝ ΑΙ ΠΤΗΣΕΙΣ ΑΕΡΟΠΛΑΝΩΝ ΤΩΝ ΥΠΕΡΑΝΩ ΤΟΥ ΑΙΓΑΙΟΥ
ΣΥΝΕΧΕΙΑ ΕΚ ΤΗΣ 1ΗΣ ΣΕΛ.

λαμπρά στόχων εις τό Αιγαίον. Αί ελληνικαί στρατιωτικαί πηγαί ανέφεραν ότι τουρκικά στρατιωτικά αεροπλάνα παρεβίασαν εκ νέου τόν ελληνικόν εναέριον χώρον υπεράνω τών νήσων τού ανατολικού Αιγαίου. Η Αθήνα διεμαρτυρήθη εντόνως εις τήν τουρκικήν κυβέρνησιν διά τάς παραβιάσεις.

λαμπρά στόχων εις τό Αιγαίον. Αί ελληνικαί στρατιωτικαί πηγαί ανέφεραν ότι τουρκικά στρατιωτικά αεροπλάνα παρεβίασαν εκ νέου τόν ελληνικόν εναέριον χώρον υπεράνω τών νήσων τού ανατολικού Αιγαίου. Η Αθήνα διεμαρτυρήθη εντόνως εις τήν τουρκικήν κυβέρνησιν διά τάς παραβιάσεις.

λαμπρά στόχων εις τό Αιγαίον. Αί ελληνικαί στρατιωτικαί πηγαί ανέφεραν ότι τουρκικά στρατιωτικά αεροπλάνα παρεβίασαν εκ νέου τόν ελληνικόν εναέριον χώρον υπεράνω τών νήσων τού ανατολικού Αιγαίου. Η Αθήνα διεμαρτυρήθη εντόνως εις τήν τουρκικήν κυβέρνησιν διά τάς παραβιάσεις.

ΑΛΛΟΙ ΤΡΕΙΣ ΑΝΘΡΩΠΟΙ ΒΡΗΚΑΝ ΘΑΝΑΤΟ ΑΠΟ ΤΡΟΧΑΙΑ ΣΤΗΝ ΑΘΗΝΑ ΚΑΙ ΤΗΝ ΝΕΑ ΕΘΝΙΚΗ ΟΔΟ ΠΡΟΣ ΚΟΡΙΝΘΟ
ΣΥΝΕΧΕΙΑ ΕΚ ΤΗΣ 1ΗΣ ΣΕΛ.
ΣΤΗΝ ΑΘΗΝΑ

ΑΘΗΝΑΙ, 9.— Τρία θανατηφόρα τροχαία ατυχήματα σημειώθηκαν χθες στην Αθήνα και στη νέα εθνική οδό προς Κόρινθο. Στο πρώτο, αυτοκίνητο παρέσυρε πεζό στη λεωφόρο Αλεξάνδρας, ο οποίος πέθανε κατά τη μεταφορά του στο νοσοκομείο. Στο δεύτερο, σύγκρουση δύο αυτοκινήτων κοντά στη Μεγαρίδα είχε ως αποτέλεσμα τό θάνατο ενός οδηγού. Στο τρίτο, μοτοσυκλετιστής έχασε τη ζωή του όταν προσέκρουσε σε φορτηγό.

ΑΘΗΝΑΙ, 9.— Τρία θανατηφόρα τροχαία ατυχήματα σημειώθηκαν χθες στην Αθήνα και στη νέα εθνική οδό προς Κόρινθο. Στο πρώτο, αυτοκίνητο παρέσυρε πεζό στη λεωφόρο Αλεξάνδρας, ο οποίος πέθανε κατά τη μεταφορά του στο νοσοκομείο. Στο δεύτερο, σύγκρουση δύο αυτοκινήτων κοντά στη Μεγαρίδα είχε ως αποτέλεσμα τό θάνατο ενός οδηγού. Στο τρίτο, μοτοσυκλετιστής έχασε τη ζωή του όταν προσέκρουσε σε φορτηγό.
